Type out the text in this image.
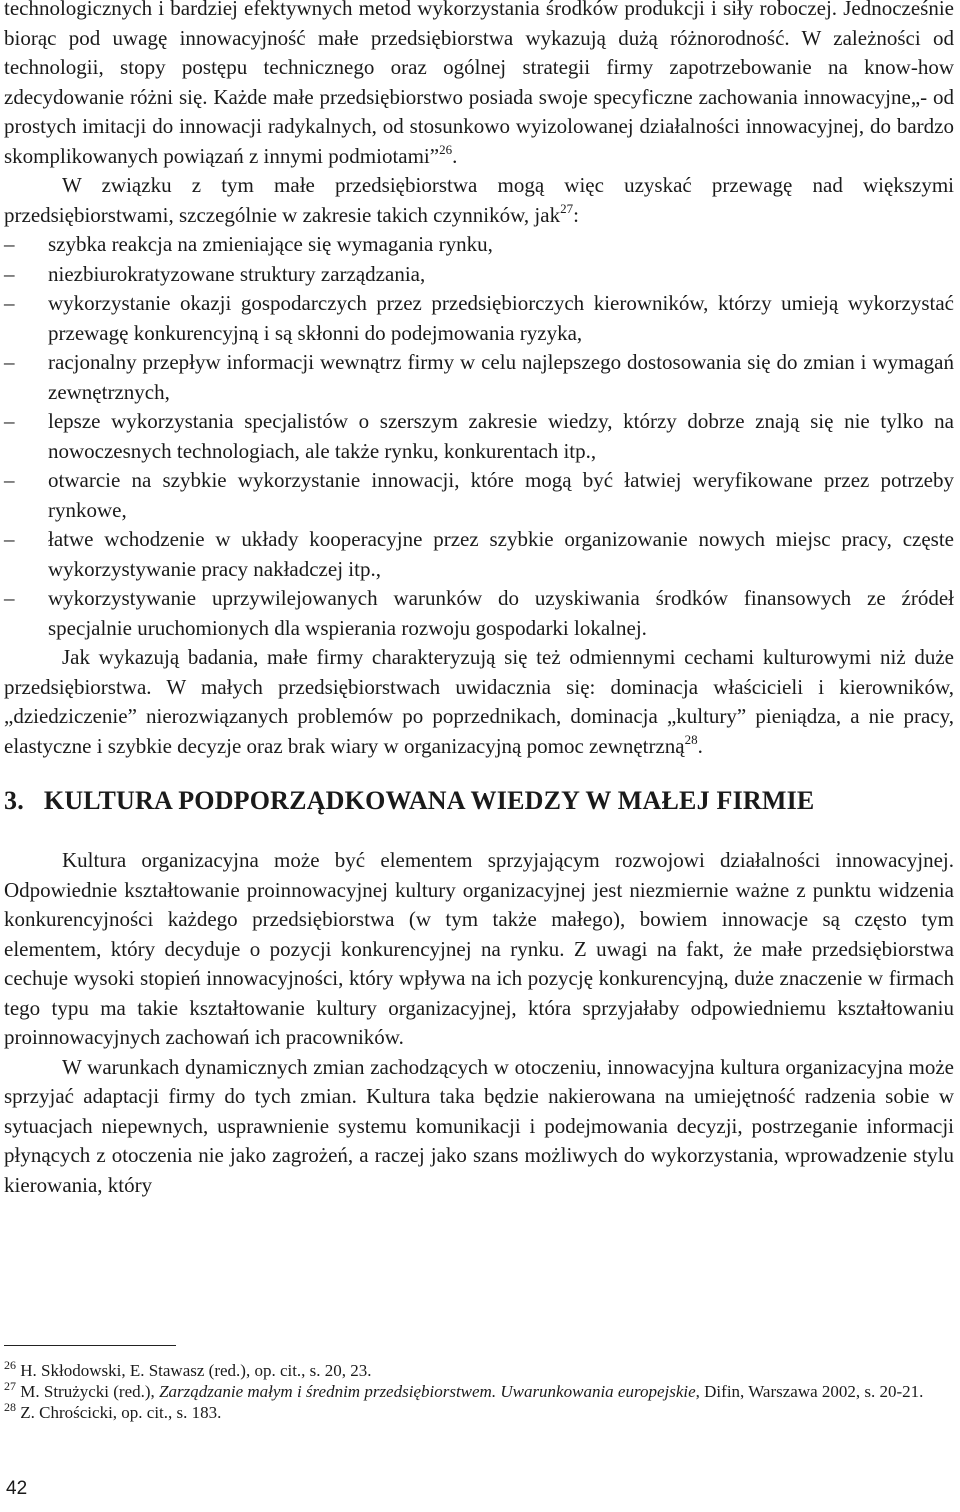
technologicznych i bardziej efektywnych metod wykorzystania środków produkcji i siły roboczej. Jednocześnie biorąc pod uwagę innowacyjność małe przedsiębiorstwa wykazują dużą różnorodność. W zależności od technologii, stopy postępu technicznego oraz ogólnej strategii firmy zapotrzebowanie na know-how zdecydowanie różni się. Każde małe przedsiębiorstwo posiada swoje specyficzne zachowania innowacyjne„- od prostych imitacji do innowacji radykalnych, od stosunkowo wyizolowanej działalności innowacyjnej, do bardzo skomplikowanych powiązań z innymi podmiotami”$^{26}$.

W związku z tym małe przedsiębiorstwa mogą więc uzyskać przewagę nad większymi przedsiębiorstwami, szczególnie w zakresie takich czynników, jak$^{27}$:

–	szybka reakcja na zmieniające się wymagania rynku,
–	niezbiurokratyzowane struktury zarządzania,
–	wykorzystanie okazji gospodarczych przez przedsiębiorczych kierowników, którzy umieją wykorzystać przewagę konkurencyjną i są skłonni do podejmowania ryzyka,
–	racjonalny przepływ informacji wewnątrz firmy w celu najlepszego dostosowania się do zmian i wymagań zewnętrznych,
–	lepsze wykorzystania specjalistów o szerszym zakresie wiedzy, którzy dobrze znają się nie tylko na nowoczesnych technologiach, ale także rynku, konkurentach itp.,
–	otwarcie na szybkie wykorzystanie innowacji, które mogą być łatwiej weryfikowane przez potrzeby rynkowe,
–	łatwe wchodzenie w układy kooperacyjne przez szybkie organizowanie nowych miejsc pracy, częste wykorzystywanie pracy nakładczej itp.,
–	wykorzystywanie uprzywilejowanych warunków do uzyskiwania środków finansowych ze źródeł specjalnie uruchomionych dla wspierania rozwoju gospodarki lokalnej.

Jak wykazują badania, małe firmy charakteryzują się też odmiennymi cechami kulturowymi niż duże przedsiębiorstwa. W małych przedsiębiorstwach uwidacznia się: dominacja właścicieli i kierowników, „dziedziczenie” nierozwiązanych problemów po poprzednikach, dominacja „kultury” pieniądza, a nie pracy, elastyczne i szybkie decyzje oraz brak wiary w organizacyjną pomoc zewnętrzną$^{28}$.

3. KULTURA PODPORZĄDKOWANA WIEDZY W MAŁEJ FIRMIE

Kultura organizacyjna może być elementem sprzyjającym rozwojowi działalności innowacyjnej. Odpowiednie kształtowanie proinnowacyjnej kultury organizacyjnej jest niezmiernie ważne z punktu widzenia konkurencyjności każdego przedsiębiorstwa (w tym także małego), bowiem innowacje są często tym elementem, który decyduje o pozycji konkurencyjnej na rynku. Z uwagi na fakt, że małe przedsiębiorstwa cechuje wysoki stopień innowacyjności, który wpływa na ich pozycję konkurencyjną, duże znaczenie w firmach tego typu ma takie kształtowanie kultury organizacyjnej, która sprzyjałaby odpowiedniemu kształtowaniu proinnowacyjnych zachowań ich pracowników.

W warunkach dynamicznych zmian zachodzących w otoczeniu, innowacyjna kultura organizacyjna może sprzyjać adaptacji firmy do tych zmian. Kultura taka będzie nakierowana na umiejętność radzenia sobie w sytuacjach niepewnych, usprawnienie systemu komunikacji i podejmowania decyzji, postrzeganie informacji płynących z otoczenia nie jako zagrożeń, a raczej jako szans możliwych do wykorzystania, wprowadzenie stylu kierowania, który

$^{26}$ H. Skłodowski, E. Stawasz (red.), op. cit., s. 20, 23.

$^{27}$ M. Strużycki (red.), Zarządzanie małym i średnim przedsiębiorstwem. Uwarunkowania europejskie, Difin, Warszawa 2002, s. 20-21.

$^{28}$ Z. Chrościcki, op. cit., s. 183.

42
